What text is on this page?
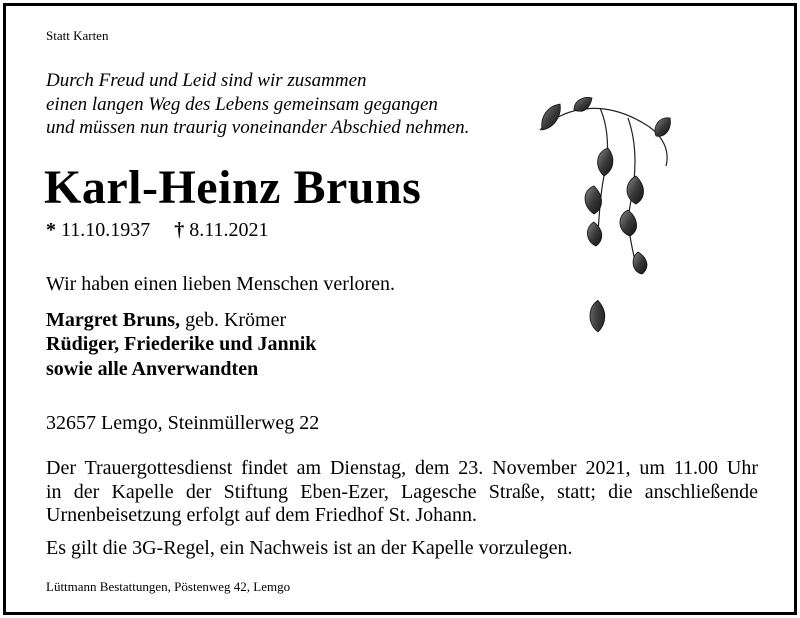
Statt Karten
Durch Freud und Leid sind wir zusammen
einen langen Weg des Lebens gemeinsam gegangen
und müssen nun traurig voneinander Abschied nehmen.
Karl-Heinz Bruns
* 11.10.1937 † 8.11.2021
Wir haben einen lieben Menschen verloren.
Margret Bruns, geb. Krömer
Rüdiger, Friederike und Jannik
sowie alle Anverwandten
32657 Lemgo, Steinmüllerweg 22
Der Trauergottesdienst findet am Dienstag, dem 23. November 2021, um 11.00 Uhr
in der Kapelle der Stiftung Eben-Ezer, Lagesche Straße, statt; die anschließende
Urnenbeisetzung erfolgt auf dem Friedhof St. Johann.
Es gilt die 3G-Regel, ein Nachweis ist an der Kapelle vorzulegen.
Lüttmann Bestattungen, Pöstenweg 42, Lemgo
